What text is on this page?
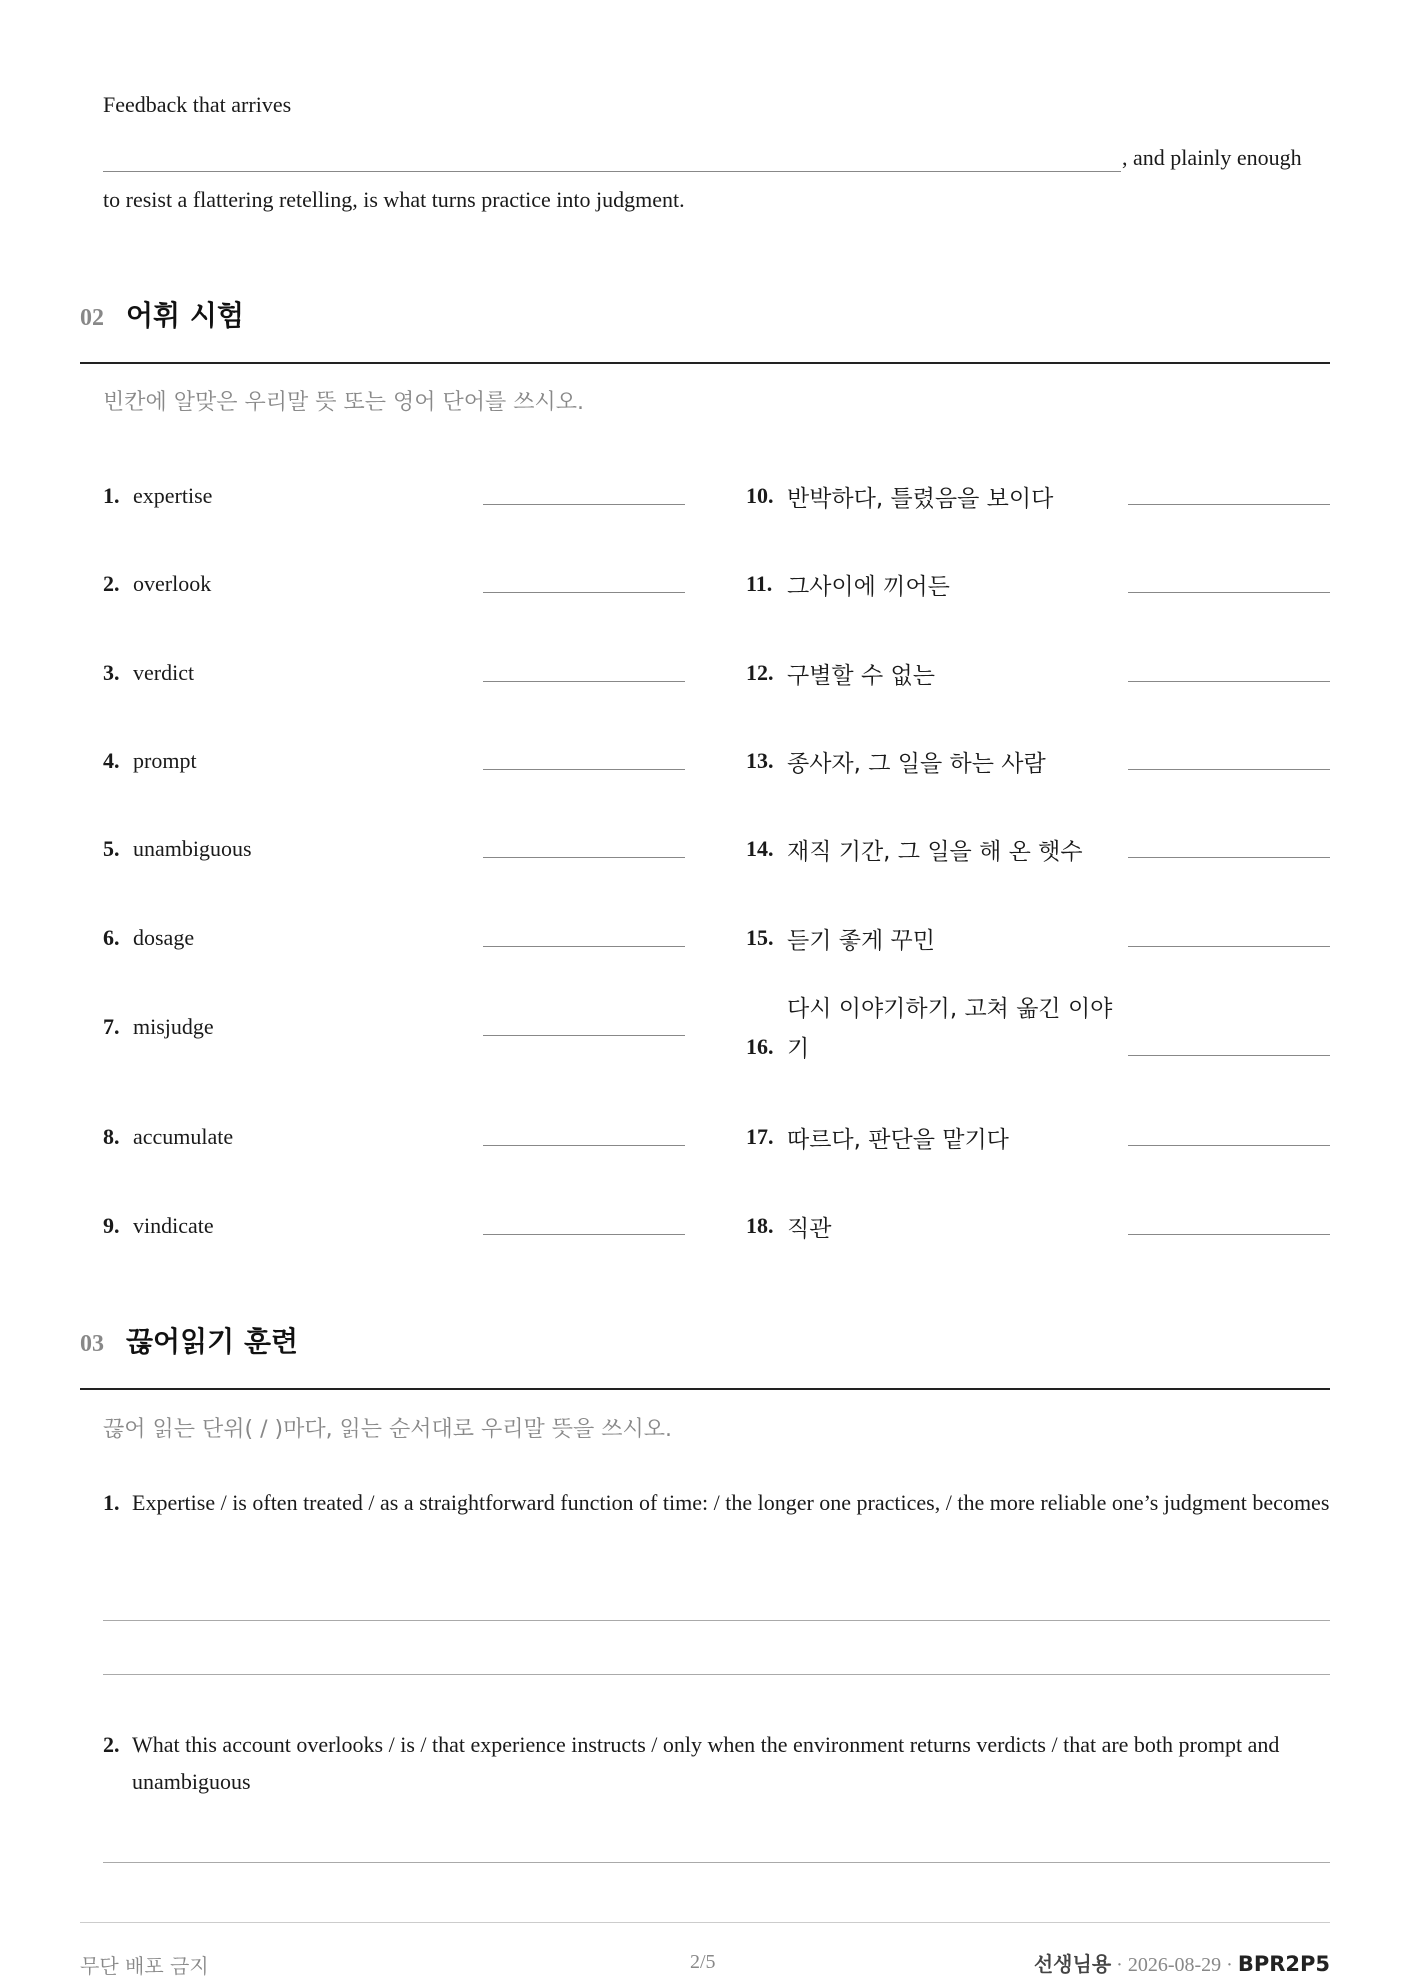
Feedback that arrives
, and plainly enough
to resist a flattering retelling, is what turns practice into judgment.
02 어휘 시험
빈칸에 알맞은 우리말 뜻 또는 영어 단어를 쓰시오.
1. expertise
2. overlook
3. verdict
4. prompt
5. unambiguous
6. dosage
7. misjudge
8. accumulate
9. vindicate
10. 반박하다, 틀렸음을 보이다
11. 그사이에 끼어든
12. 구별할 수 없는
13. 종사자, 그 일을 하는 사람
14. 재직 기간, 그 일을 해 온 햇수
15. 듣기 좋게 꾸민
16.
다시 이야기하기, 고쳐 옮긴 이야
기
17. 따르다, 판단을 맡기다
18. 직관
03 끊어읽기 훈련
끊어 읽는 단위( / )마다, 읽는 순서대로 우리말 뜻을 쓰시오.
1. Expertise / is often treated / as a straightforward function of time: / the longer one practices, / the more reliable one’s judgment becomes
2. What this account overlooks / is / that experience instructs / only when the environment returns verdicts / that are both prompt and unambiguous
무단 배포 금지	2/5	선생님용 · 2026-08-29 · BPR2P5
